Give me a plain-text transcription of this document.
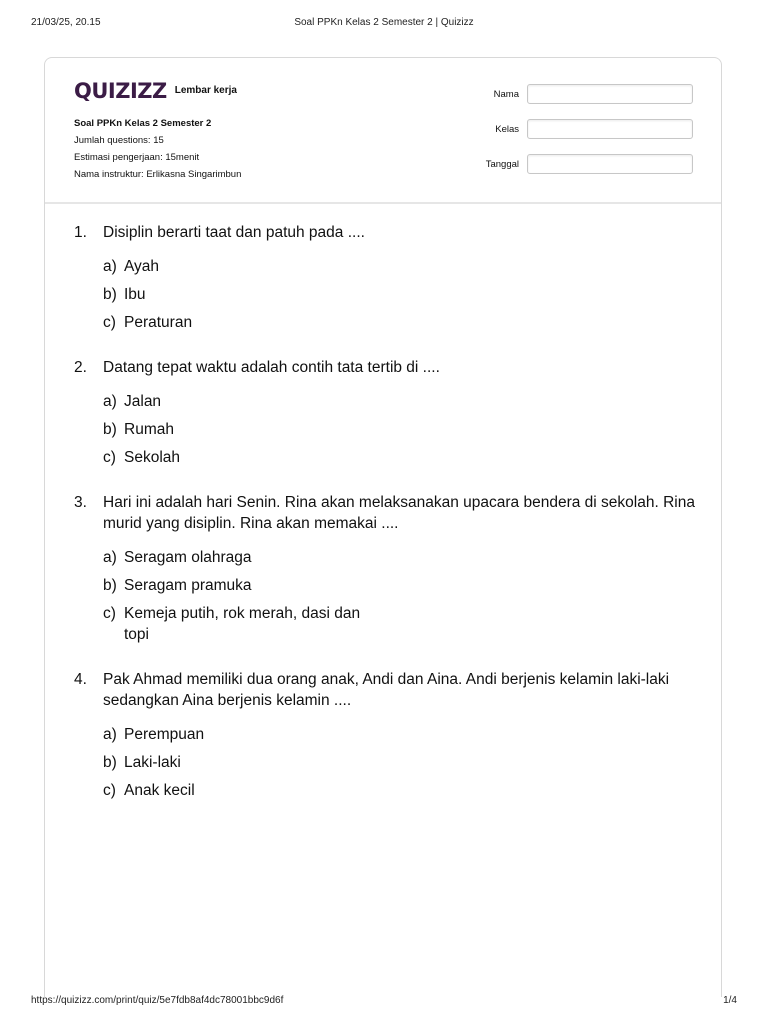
21/03/25, 20.15	Soal PPKn Kelas 2 Semester 2 | Quizizz
QUIZIZZ Lembar kerja
Soal PPKn Kelas 2 Semester 2
Jumlah questions: 15
Estimasi pengerjaan: 15menit
Nama instruktur: Erlikasna Singarimbun
Nama
Kelas
Tanggal
1. Disiplin berarti taat dan patuh pada ....

a) Ayah
b) Ibu
c) Peraturan
2. Datang tepat waktu adalah contih tata tertib di ....

a) Jalan
b) Rumah
c) Sekolah
3. Hari ini adalah hari Senin. Rina akan melaksanakan upacara bendera di sekolah. Rina murid yang disiplin. Rina akan memakai ....

a) Seragam olahraga
b) Seragam pramuka
c) Kemeja putih, rok merah, dasi dan topi
4. Pak Ahmad memiliki dua orang anak, Andi dan Aina. Andi berjenis kelamin laki-laki sedangkan Aina berjenis kelamin ....

a) Perempuan
b) Laki-laki
c) Anak kecil
https://quizizz.com/print/quiz/5e7fdb8af4dc78001bbc9d6f	1/4
